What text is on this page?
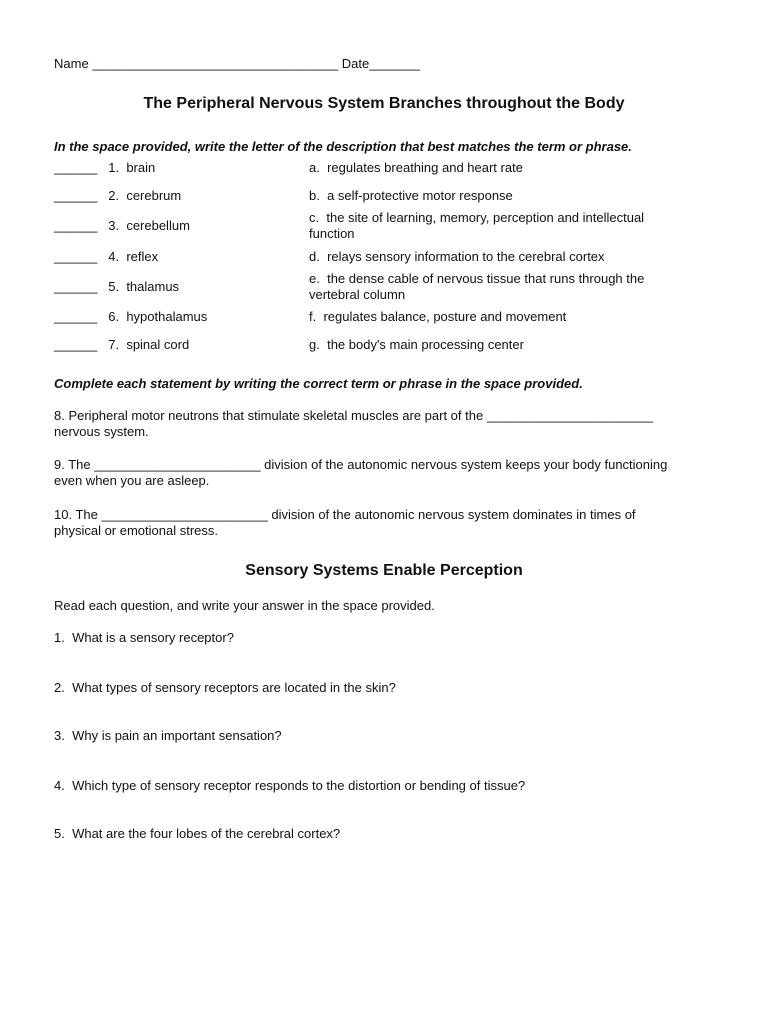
Name __________________________________ Date_______
The Peripheral Nervous System Branches throughout the Body
In the space provided, write the letter of the description that best matches the term or phrase.
______ 1. brain
______ 2. cerebrum
______ 3. cerebellum
______ 4. reflex
______ 5. thalamus
______ 6. hypothalamus
______ 7. spinal cord
a. regulates breathing and heart rate
b. a self-protective motor response
c. the site of learning, memory, perception and intellectual
function
d. relays sensory information to the cerebral cortex
e. the dense cable of nervous tissue that runs through the
vertebral column
f. regulates balance, posture and movement
g. the body's main processing center
Complete each statement by writing the correct term or phrase in the space provided.
8. Peripheral motor neutrons that stimulate skeletal muscles are part of the _______________________
nervous system.
9. The _______________________ division of the autonomic nervous system keeps your body functioning
even when you are asleep.
10. The _______________________ division of the autonomic nervous system dominates in times of
physical or emotional stress.
Sensory Systems Enable Perception
Read each question, and write your answer in the space provided.
1. What is a sensory receptor?
2. What types of sensory receptors are located in the skin?
3. Why is pain an important sensation?
4. Which type of sensory receptor responds to the distortion or bending of tissue?
5. What are the four lobes of the cerebral cortex?
